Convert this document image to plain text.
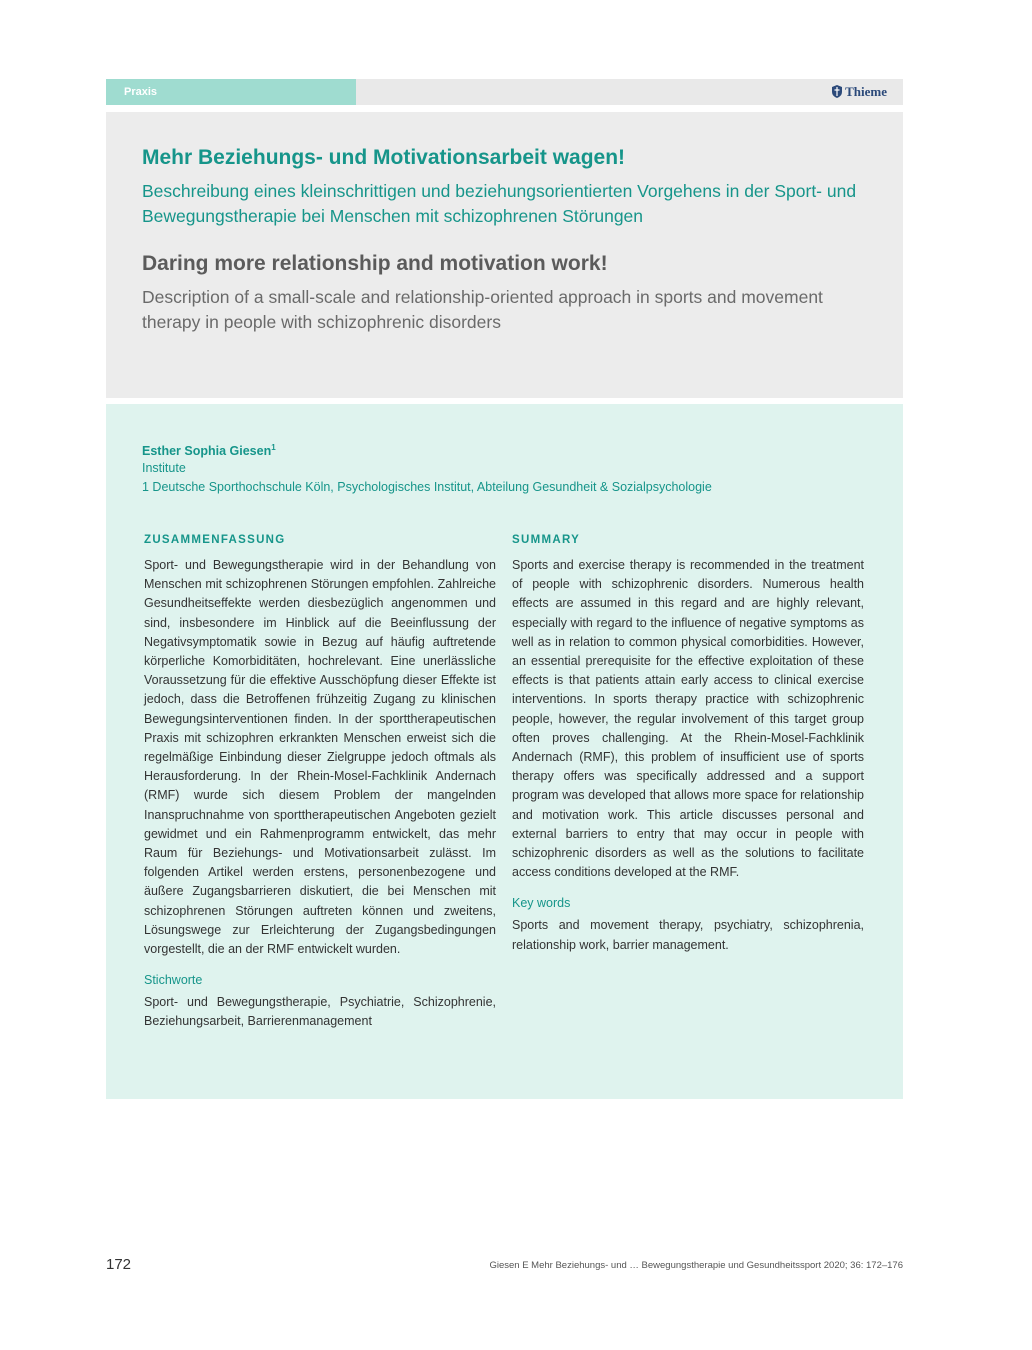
Praxis	Thieme
Mehr Beziehungs- und Motivationsarbeit wagen!

Beschreibung eines kleinschrittigen und beziehungsorientierten Vorgehens in der Sport- und Bewegungstherapie bei Menschen mit schizophrenen Störungen

Daring more relationship and motivation work!

Description of a small-scale and relationship-oriented approach in sports and movement therapy in people with schizophrenic disorders

Esther Sophia Giesen$^1$
Institute
1 Deutsche Sporthochschule Köln, Psychologisches Institut, Abteilung Gesundheit & Sozialpsychologie
ZUSAMMENFASSUNG

Sport- und Bewegungstherapie wird in der Behandlung von Menschen mit schizophrenen Störungen empfohlen. Zahlreiche Gesundheitseffekte werden diesbezüglich angenommen und sind, insbesondere im Hinblick auf die Beeinflussung der Negativsymptomatik sowie in Bezug auf häufig auftretende körperliche Komorbiditäten, hochrelevant. Eine unerlässliche Voraussetzung für die effektive Ausschöpfung dieser Effekte ist jedoch, dass die Betroffenen frühzeitig Zugang zu klinischen Bewegungsinterventionen finden. In der sporttherapeutischen Praxis mit schizophren erkrankten Menschen erweist sich die regelmäßige Einbindung dieser Zielgruppe jedoch oftmals als Herausforderung. In der Rhein-Mosel-Fachklinik Andernach (RMF) wurde sich diesem Problem der mangelnden Inanspruchnahme von sporttherapeutischen Angeboten gezielt gewidmet und ein Rahmenprogramm entwickelt, das mehr Raum für Beziehungs- und Motivationsarbeit zulässt. Im folgenden Artikel werden erstens, personenbezogene und äußere Zugangsbarrieren diskutiert, die bei Menschen mit schizophrenen Störungen auftreten können und zweitens, Lösungswege zur Erleichterung der Zugangsbedingungen vorgestellt, die an der RMF entwickelt wurden.

Stichworte

Sport- und Bewegungstherapie, Psychiatrie, Schizophrenie, Beziehungsarbeit, Barrierenmanagement

SUMMARY

Sports and exercise therapy is recommended in the treatment of people with schizophrenic disorders. Numerous health effects are assumed in this regard and are highly relevant, especially with regard to the influence of negative symptoms as well as in relation to common physical comorbidities. However, an essential prerequisite for the effective exploitation of these effects is that patients attain early access to clinical exercise interventions. In sports therapy practice with schizophrenic people, however, the regular involvement of this target group often proves challenging. At the Rhein-Mosel-Fachklinik Andernach (RMF), this problem of insufficient use of sports therapy offers was specifically addressed and a support program was developed that allows more space for relationship and motivation work. This article discusses personal and external barriers to entry that may occur in people with schizophrenic disorders as well as the solutions to facilitate access conditions developed at the RMF.

Key words

Sports and movement therapy, psychiatry, schizophrenia, relationship work, barrier management.

172	Giesen E Mehr Beziehungs- und … Bewegungstherapie und Gesundheitssport 2020; 36: 172–176
